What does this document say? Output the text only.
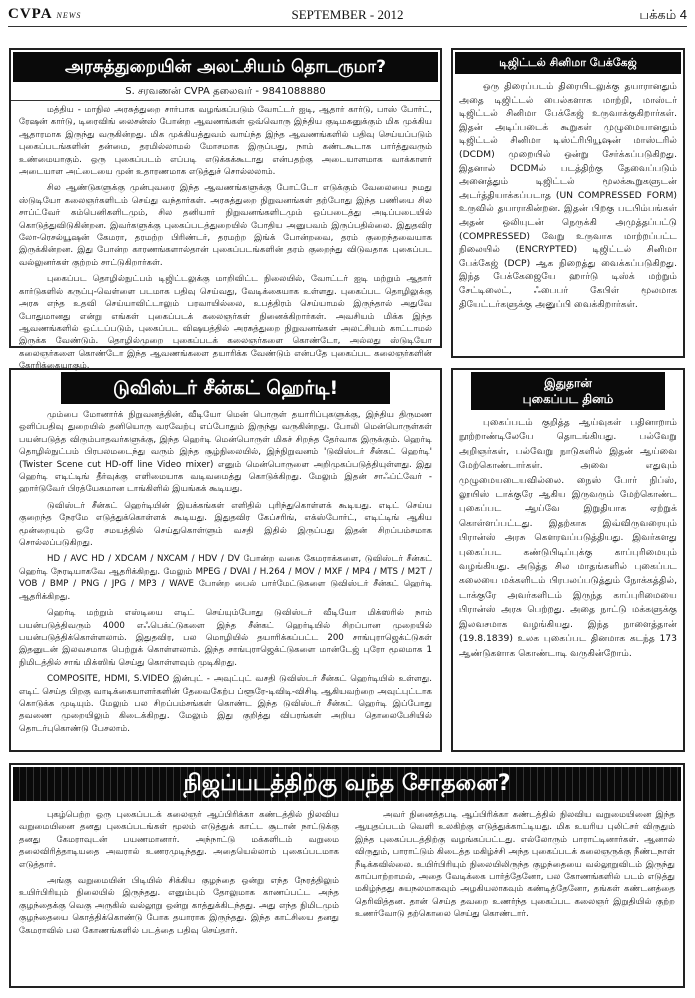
CVPA NEWS	SEPTEMBER - 2012	பக்கம் 4
அரசுத்துறையின் அலட்சியம் தொடருமா?
S. சரவணன் CVPA தலைவர் - 9841088880

மத்திய - மாநில அரசுத்துறை சார்பாக வழங்கப்படும் வோட்டர் ஐடி, ஆதார் கார்டு, பாஸ் போர்ட், ரேஷன் கார்டு, டிரைவிங் லைசன்ஸ் போன்ற ஆவணங்கள் ஒவ்வொரு இந்திய குடிமகனுக்கும் மிக முக்கிய ஆதாரமாக இருந்து வருகின்றது. மிக முக்கியத்துவம் வாய்ந்த இந்த ஆவணங்களில் பதிவு செய்யப்படும் புகைப்படங்களின் தன்மை, தரமில்லாமல் மோசமாக இருப்பது, நாம் கண்டகூடாக பார்த்துவரும் உண்மையாகும். ஒரு புகைப்படம் எப்படி எடுக்கக்கூடாது என்பதற்கு அடையாளமாக வாக்காளர் அடையாள அட்டையை முன் உதாரணமாக எடுத்துச் சொல்லலாம்.

சில ஆண்டுகளுக்கு முன்புவரை இந்த ஆவணங்களுக்கு போட்டோ எடுக்கும் வேலையை நமது ஸ்டுடியோ கலைஞர்களிடம் செய்து வந்தார்கள். அரசுத்துறை நிறுவனங்கள் தற்போது இந்த பணியை சில சாப்ட்வேர் கம்பெனிகளிடமும், சில தனியார் நிறுவனங்களிடமும் ஒப்படைத்து அடிப்படையில் கொடுத்துவிடுகின்றன. இவர்களுக்கு புகைப்படத்துறையில் போதிய அனுபவம் இருப்பதில்லை. இதுதவிர லோ-ரெசல்யூஷன் கேமரா, தரமற்ற பிரிண்டர், தரமற்ற இங்க் போன்றவை, தரம் குறைந்தவையாக இருக்கின்றன. இது போன்ற காரணங்களால்தான் புகைப்படங்களின் தரம் குறைந்து விடுவதாக புகைப்பட வல்லுனர்கள் குற்றம் சாட்டுகிறார்கள்.

புகைப்பட தொழில்நுட்பம் டிஜிட்டலுக்கு மாறிவிட்ட நிலையில், வோட்டர் ஐடி மற்றும் ஆதார் கார்டுகளில் கருப்பு-வெள்ளை படமாக பதிவு செய்வது, வேடிக்கையாக உள்ளது. புகைப்பட தொழிலுக்கு அரசு எந்த உதவி செய்யாவிட்டாலும் பரவாயில்லை, உபத்திரம் செய்யாமல் இருந்தால் அதுவே போதுமானது என்று எங்கள் புகைப்படக் கலைஞர்கள் நினைக்கிறார்கள். அவசியம் மிக்க இந்த ஆவணங்களில் ஒட்டப்படும், புகைப்பட விஷயத்தில் அரசுத்துறை நிறுவனங்கள் அலட்சியம் காட்டாமல் இருக்க வேண்டும். தொழில்முறை புகைப்படக் கலைஞர்களை கொண்டோ, அல்லது ஸ்டுடியோ கலைஞர்களை கொண்டோ இந்த ஆவணங்களை தயாரிக்க வேண்டும் என்பதே புகைப்பட கலைஞர்களின் கோரிக்கையாகும்.

டிஜிட்டல் சினிமா பேக்கேஜ்

ஒரு திரைப்படம் திரையிடலுக்கு தயாரானதும் அதை டிஜிட்டல் பைல்களாக மாற்றி, மாஸ்டர் டிஜிட்டல் சினிமா பேக்கேஜ் உருவாக்குகிறார்கள். இதன் அடிப்படைக் கூறுகள் முழுமையானதும் டிஜிட்டல் சினிமா டிஸ்ட்ரிபியூஷன் மாஸ்டரில் (DCDM) முறையில் ஒன்று சேர்க்கப்படுகிறது. இதனால் DCDMல் படத்திற்கு தேவைப்படும் அனைத்தும் டிஜிட்டல் மூலக்கூறுகளுடன் அடர்த்தியாக்கப்படாத (UN COMPRESSED FORM) உருவில் தயாராகின்றன. இதன் பிறகு படபிம்பங்கள் அதன் ஒலியுடன் நெருக்கி அமுத்தப்பட்டு (COMPRESSED) வேறு உருவாக மாற்றப்பட்ட நிலையில் (ENCRYPTED) டிஜிட்டல் சினிமா பேக்கேஜ் (DCP) ஆக நிறைத்து வைக்கப்படுகிறது. இந்த பேக்கேஜையே ஹார்டு டிஸ்க் மற்றும் சேட்டிலைட், ஃபைபர் கேபிள் மூலமாக தியேட்டர்களுக்கு அனுப்பி வைக்கிறார்கள்.

டுவிஸ்டர் சீன்கட் ஹெர்டி!

மும்பை மோனார்க் நிறுவனத்தின், வீடியோ மென் பொருள் தயாரிப்புகளுக்கு, இந்திய திருமண ஒளிப்பதிவு துறையில் தனியொரு வரவேற்பு எப்போதும் இருந்து வருகின்றது. போலி மென்பொருள்கள் பயன்படுத்த விரும்பாதவர்களுக்கு, இந்த ஹெர்டி மென்பொருள் மிகச் சிறந்த தேர்வாக இருக்கும். ஹெர்டி தொழில்நுட்பம் பிரபலமடைந்து வரும் இந்த சூழ்நிலையில், இந்நிறுவனம் 'டுவிஸ்டர் சீன்கட் ஹெர்டி' (Twister Scene cut HD-off line Video mixer) எனும் மென்பொருளை அறிமுகப்படுத்தியுள்ளது. இது ஹெர்டி எடிட்டிங் தீர்வுக்கு எளிமையாக வடிவமைத்து கொடுக்கிறது. மேலும் இதன் சாஃப்ட்வேர் - ஹார்டுவேர் பிரத்யேகமான டாங்கிளில் இயங்கக் கூடியது.

டுவிஸ்டர் சீன்கட் ஹெர்டியின் இயக்கங்கள் எளிதில் புரிந்துகொள்ளக் கூடியது. எடிட் செய்ய குறைந்த நேரமே எடுத்துக்கொள்ளக் கூடியது. இதுதவிர கேப்சரிங், எக்ஸ்போர்ட், எடிட்டிங் ஆகிய மூன்றையும் ஒரே சமயத்தில் செய்துகொள்ளும் வசதி இதில் இருப்பது இதன் சிறப்பம்சமாக சொல்லப்படுகிறது.

HD / AVC HD / XDCAM / NXCAM / HDV / DV போன்ற வகை கேமராக்களை, டுவிஸ்டர் சீன்கட் ஹெர்டி நேரடியாகவே ஆதரிக்கிறது. மேலும் MPEG / DVAI / H.264 / MOV / MXF / MP4 / MTS / M2T / VOB / BMP / PNG / JPG / MP3 / WAVE போன்ற பைல் பார்மேட்டுகளை டுவிஸ்டர் சீன்கட் ஹெர்டி ஆதரிக்கிறது.

ஹெர்டி மற்றும் எஸ்டியை எடிட் செய்யும்போது டுவிஸ்டர் வீடியோ மிக்ஸரில் நாம் பயன்படுத்திவரும் 4000 எஃபெக்ட்டுகளை இந்த சீன்கட் ஹெர்டியில் சிறப்பான முறையில் பயன்படுத்திக்கொள்ளலாம். இதுதவிர, பல மொழியில் தயாரிக்கப்பட்ட 200 சாங்புராஜெக்ட்டுகள் இதனுடன் இலவசமாக பெற்றுக் கொள்ளலாம். இந்த சாங்புராஜெக்ட்டுகளை மான்டேஜ் புரோ மூலமாக 1 நிமிடத்தில் சாங் மிக்ஸிங் செய்து கொள்ளவும் முடிகிறது.

COMPOSITE, HDMI, S.VIDEO இன்புட் - அவுட்புட் வசதி டுவிஸ்டர் சீன்கட் ஹெர்டியில் உள்ளது. எடிட் செய்த பிறகு வாடிக்கையாளர்களின் தேவைகேற்ப ப்ளூரே-டிவிடி-விசிடி ஆகியவற்றை அவுட்புட்டாக கொடுக்க முடியும். மேலும் பல சிறப்பம்சங்கள் கொண்ட இந்த டுவிஸ்டர் சீன்கட் ஹெர்டி இப்போது தவணை முறையிலும் கிடைக்கிறது. மேலும் இது குறித்து விபரங்கள் அறிய தொலைபேசியில் தொடர்புகொண்டு பேசலாம்.

இதுதான்
புகைப்பட தினம்

புகைப்படம் குறித்த ஆய்வுகள் பதினாறாம் நூற்றாண்டிலேயே தொடங்கியது. பல்வேறு அறிஞர்கள், பல்வேறு நாடுகளில் இதன் ஆய்வை மேற்கொண்டார்கள். அவை எதுவும் முழுமையடையவில்லை. நைஸ் போர் நிப்ஸ், லூயிஸ் டாக்குரே ஆகிய இருவரும் மேற்கொண்ட புகைப்பட ஆய்வே இறுதியாக ஏற்றுக் கொள்ளப்பட்டது. இதற்காக இவ்விருவரையும் பிரான்ஸ் அரசு கௌரவப்படுத்தியது. இவர்களது புகைப்பட கண்டுபிடிப்புக்கு காப்புரிமையும் வழங்கியது. அடுத்த சில மாதங்களில் புகைப்பட கலையை மக்களிடம் பிரபலப்படுத்தும் நோக்கத்தில், டாக்குரே அவர்களிடம் இருந்த காப்புரிமையை பிரான்ஸ் அரசு பெற்றது. அதை நாட்டு மக்களுக்கு இலவசமாக வழங்கியது. இந்த நாளைத்தான் (19.8.1839) உலக புகைப்பட தினமாக கடந்த 173 ஆண்டுகளாக கொண்டாடி வருகின்றோம்.

நிஜப்படத்திற்கு வந்த சோதனை?

புகழ்பெற்ற ஒரு புகைப்படக் கலைஞர் ஆப்பிரிக்கா கண்டத்தில் நிலவிய வறுமையினை தனது புகைப்படங்கள் மூலம் எடுத்துக் காட்ட சூடான் நாட்டுக்கு தனது கேமராவுடன் பயணமானார். அந்நாட்டு மக்களிடம் வறுமை தலைவிரித்தாடியதை அவரால் உணரமுடிந்தது. அதையெல்லாம் புகைப்படமாக எடுத்தார்.

அங்கு வறுமையின் பிடியில் சிக்கிய குழந்தை ஒன்று எந்த நேரத்திலும் உயிர்பிரியும் நிலையில் இருந்தது. எனும்பும் தோலுமாக காணப்பட்ட அந்த குழந்தைக்கு வெகு அருகில் வல்லூறு ஒன்று காத்துக்கிடந்தது. அது எந்த நிமிடமும் குழந்தையை கொத்திக்கொண்டு போக தயாராக இருந்தது. இந்த காட்சியை தனது கேமராவில் பல கோணங்களில் படத்தை பதிவு செய்தார்.

அவர் நினைத்தபடி ஆப்பிரிக்கா கண்டத்தில் நிலவிய வறுமையினை இந்த ஆயுதப்படம் வெளி உலகிற்கு எடுத்துக்காட்டியது. மிக உயரிய புலிட்சர் விருதும் இந்த புகைப்படத்திற்கு வழங்கப்பட்டது. எல்லோரும் பாராட்டினார்கள். ஆனால் விருதும், பாராட்டும் கிடைத்த மகிழ்ச்சி அந்த புகைப்படக் கலைஞருக்கு நீண்டநாள் நீடிக்கவில்லை. உயிர்பிரியும் நிலையிலிருந்த குழந்தையை வல்லூறுவிடம் இருந்து காப்பாற்றாமல், அதை வேடிக்கை பார்த்தேனோ, பல கோணங்களில் படம் எடுத்து மகிழ்ந்தது சுயநலமாகவும் அழகியலாகவும் கண்டித்தேனோ, தங்கள் கண்டனத்தை தெரிவித்தன. தான் செய்த தவறை உணர்ந்த புகைப்பட கலைஞர் இறுதியில் குற்ற உணர்வோடு தற்கொலை செய்து கொண்டார்.
